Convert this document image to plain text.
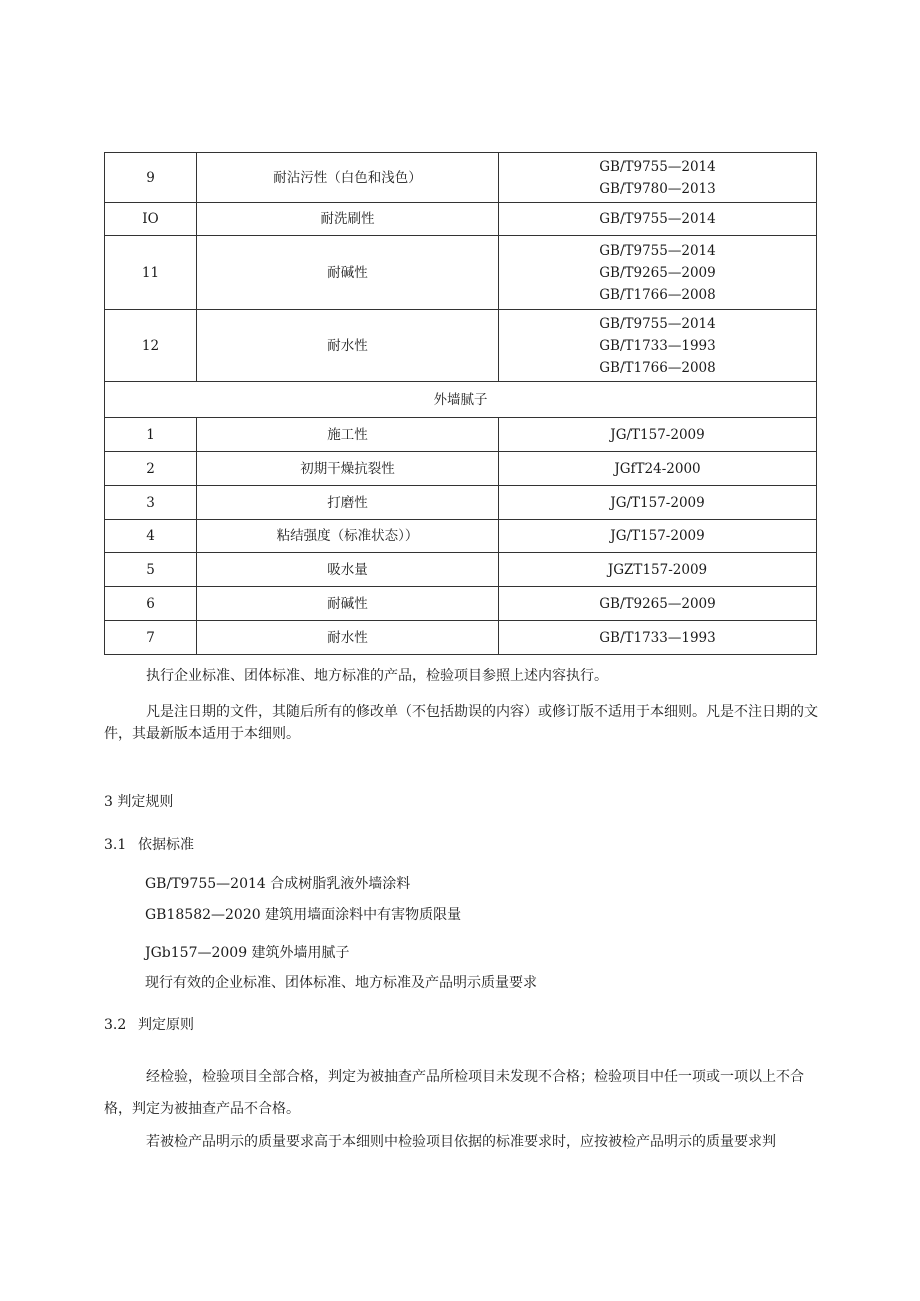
9	耐沾污性（白色和浅色）	GB/T9755—2014
GB/T9780—2013

IO	耐洗刷性	GB/T9755—2014

11	耐碱性	GB/T9755—2014
GB/T9265—2009
GB/T1766—2008

12	耐水性	GB/T9755—2014
GB/T1733—1993
GB/T1766—2008

外墙腻子		
1	施工性	JG/T157-2009
2	初期干燥抗裂性	JGfT24-2000
3	打磨性	JG/T157-2009
4	粘结强度（标准状态））	JG/T157-2009
5	吸水量	JGZT157-2009
6	耐碱性	GB/T9265—2009
7	耐水性	GB/T1733—1993

执行企业标准、团体标准、地方标准的产品，检验项目参照上述内容执行。

凡是注日期的文件，其随后所有的修改单（不包括勘误的内容）或修订版不适用于本细则。凡是不注日期的文件，其最新版本适用于本细则。

3 判定规则

3.1 依据标准

GB/T9755—2014 合成树脂乳液外墙涂料

GB18582—2020 建筑用墙面涂料中有害物质限量

JGb157—2009 建筑外墙用腻子

现行有效的企业标准、团体标准、地方标准及产品明示质量要求

3.2 判定原则

经检验，检验项目全部合格，判定为被抽查产品所检项目未发现不合格；检验项目中任一项或一项以上不合格，判定为被抽查产品不合格。

若被检产品明示的质量要求高于本细则中检验项目依据的标准要求时，应按被检产品明示的质量要求判
